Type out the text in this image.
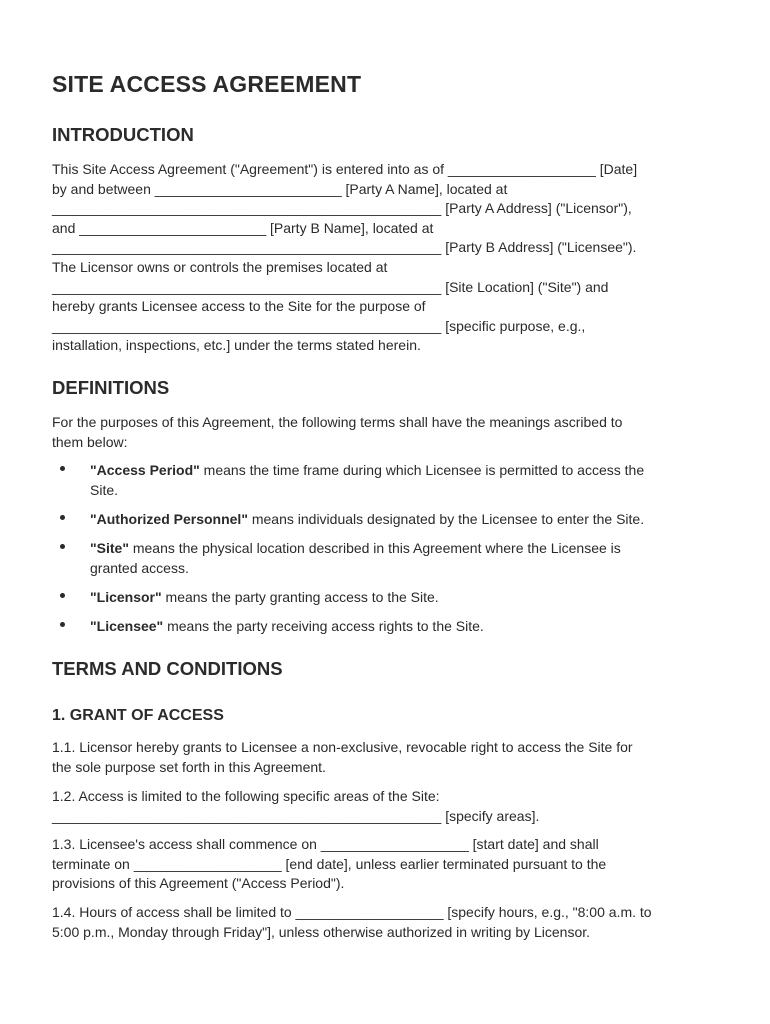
SITE ACCESS AGREEMENT
INTRODUCTION
This Site Access Agreement ("Agreement") is entered into as of ___________________ [Date]
by and between ________________________ [Party A Name], located at
__________________________________________________ [Party A Address] ("Licensor"),
and ________________________ [Party B Name], located at
__________________________________________________ [Party B Address] ("Licensee").
The Licensor owns or controls the premises located at
__________________________________________________ [Site Location] ("Site") and
hereby grants Licensee access to the Site for the purpose of
__________________________________________________ [specific purpose, e.g.,
installation, inspections, etc.] under the terms stated herein.
DEFINITIONS
For the purposes of this Agreement, the following terms shall have the meanings ascribed to
them below:
"Access Period" means the time frame during which Licensee is permitted to access the
Site.
"Authorized Personnel" means individuals designated by the Licensee to enter the Site.
"Site" means the physical location described in this Agreement where the Licensee is
granted access.
"Licensor" means the party granting access to the Site.
"Licensee" means the party receiving access rights to the Site.
TERMS AND CONDITIONS
1. GRANT OF ACCESS
1.1. Licensor hereby grants to Licensee a non-exclusive, revocable right to access the Site for
the sole purpose set forth in this Agreement.
1.2. Access is limited to the following specific areas of the Site:
__________________________________________________ [specify areas].
1.3. Licensee's access shall commence on ___________________ [start date] and shall
terminate on ___________________ [end date], unless earlier terminated pursuant to the
provisions of this Agreement ("Access Period").
1.4. Hours of access shall be limited to ___________________ [specify hours, e.g., "8:00 a.m. to
5:00 p.m., Monday through Friday"], unless otherwise authorized in writing by Licensor.
